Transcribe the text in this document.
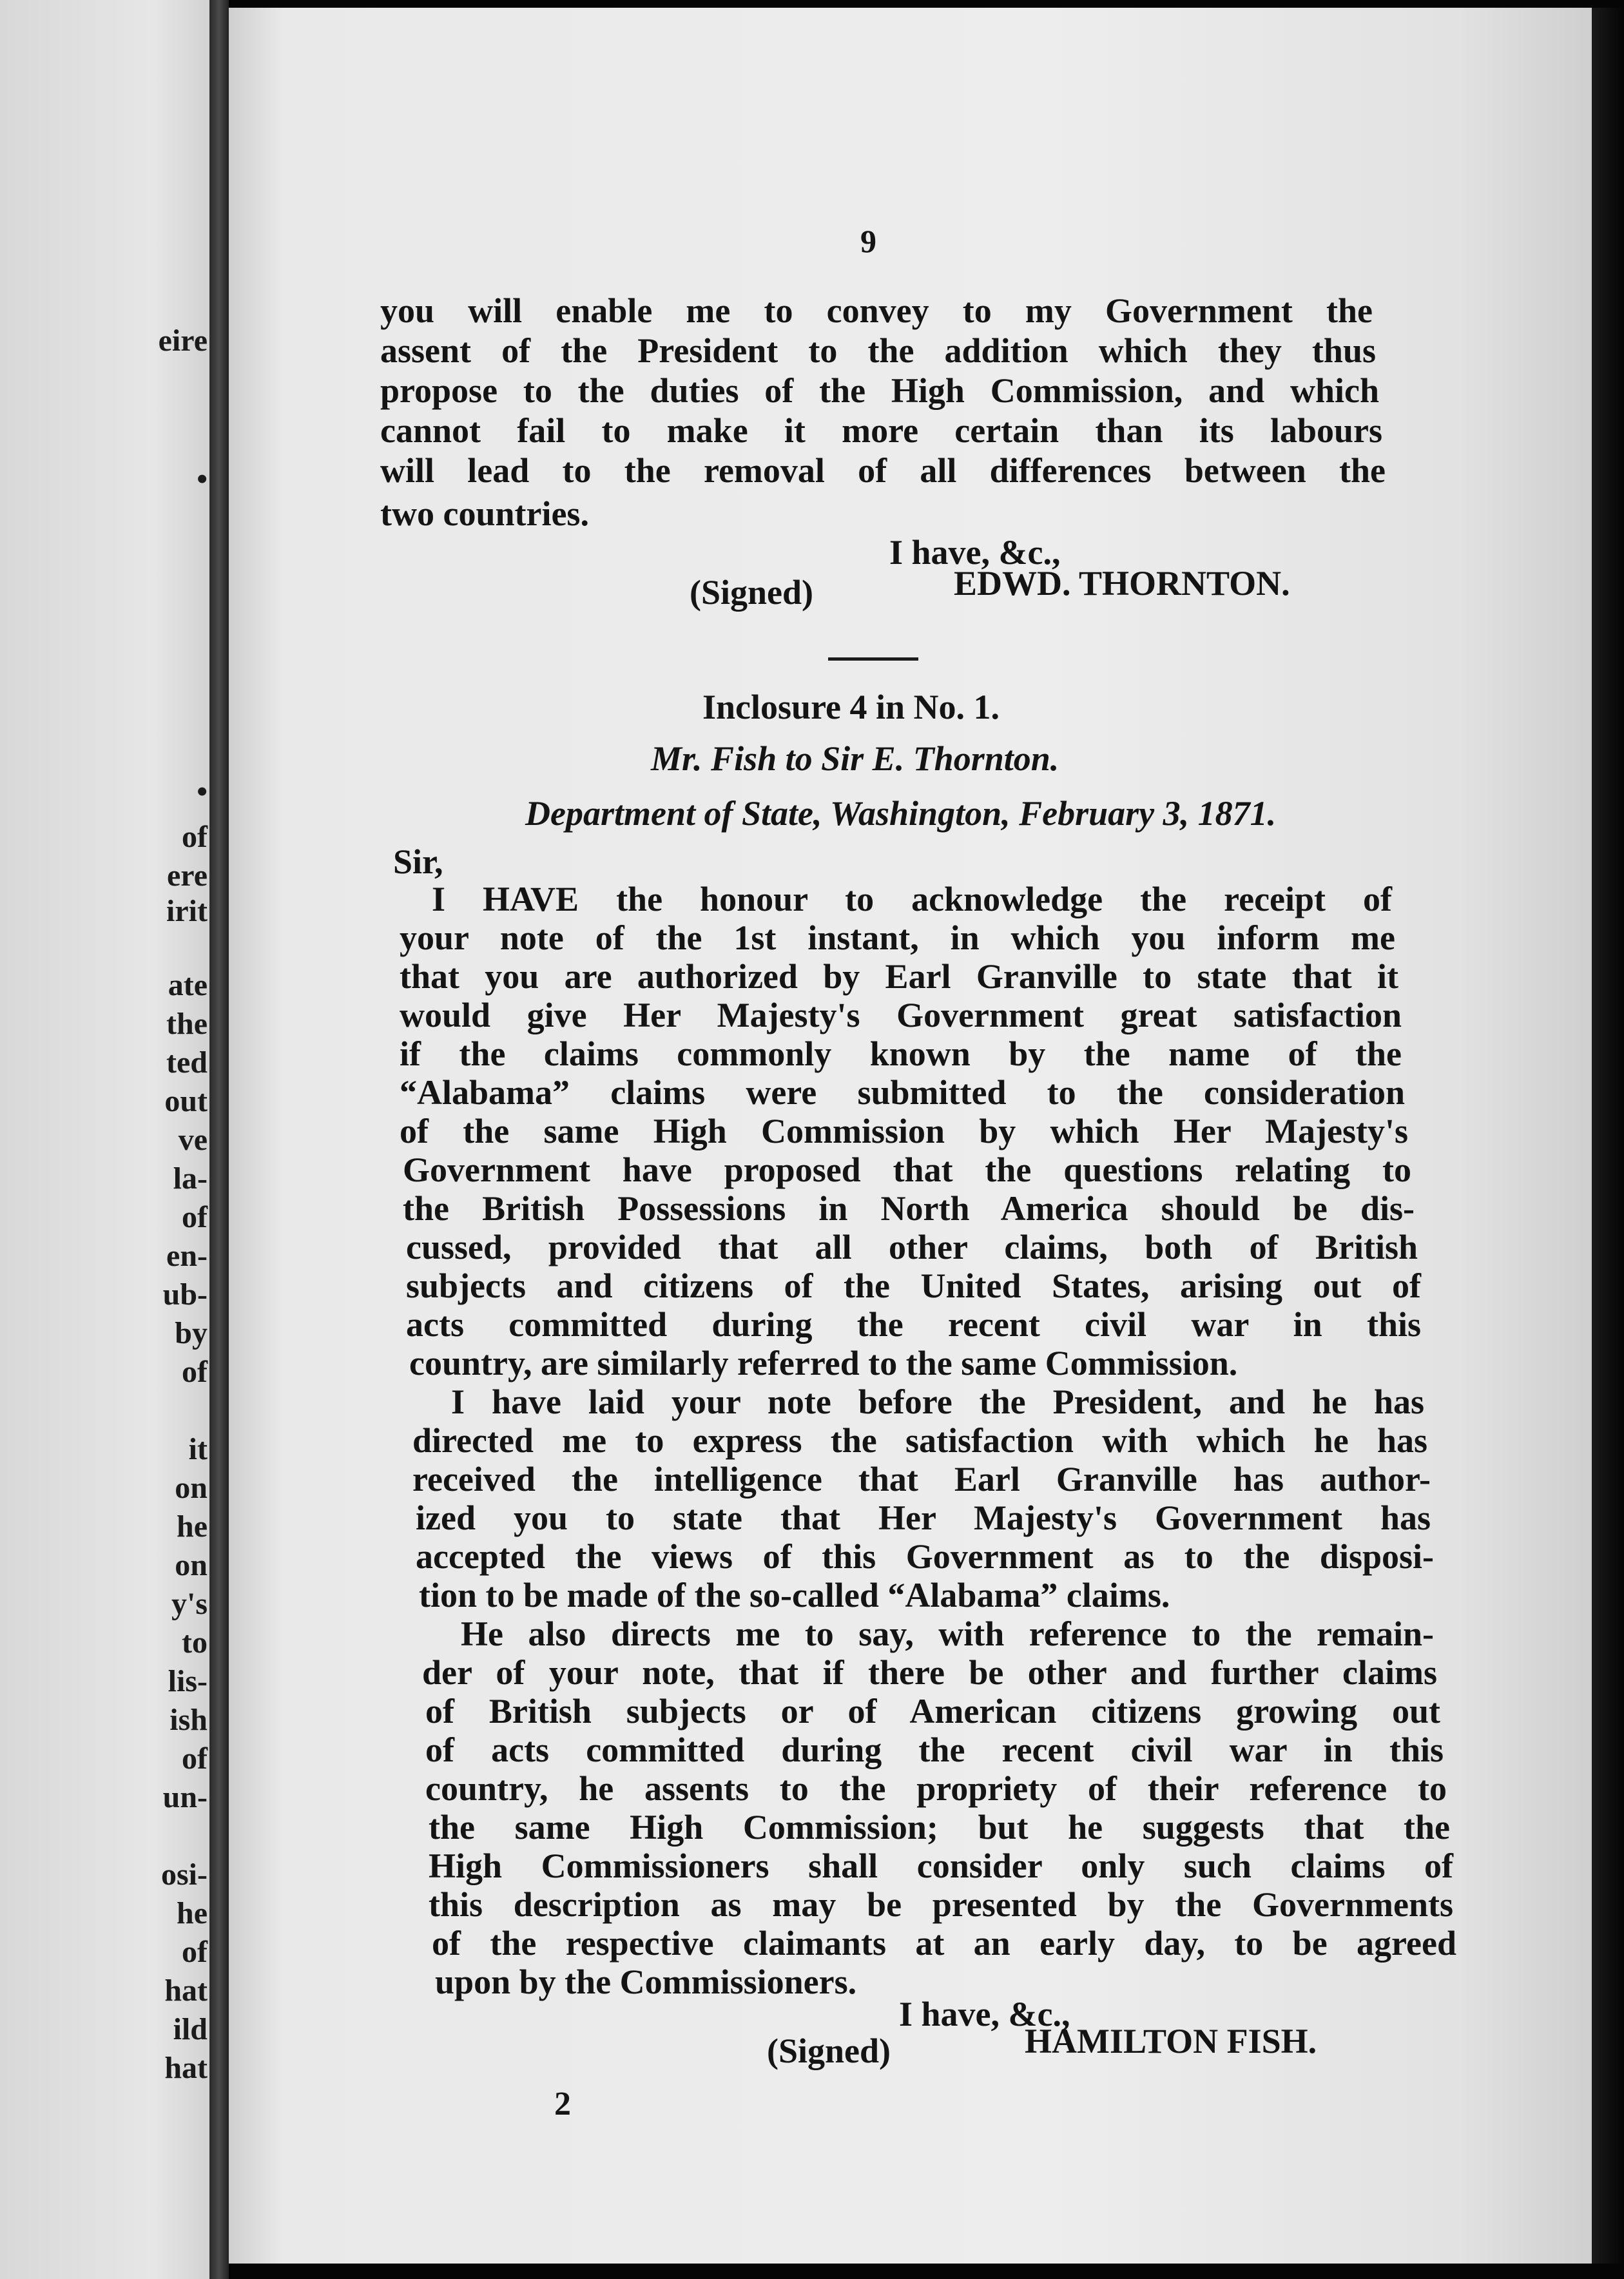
eire
•
•
of
ere
irit
ate
the
ted
out
ve
la-
of
en-
ub-
by
of
it
on
he
on
y's
to
lis-
ish
of
un-
osi-
he
of
hat
ild
hat
9
you will enable me to convey to my Government the
assent of the President to the addition which they thus
propose to the duties of the High Commission, and which
cannot fail to make it more certain than its labours
will lead to the removal of all differences between the
two countries.
I have, &c.,
(Signed)	EDWD. THORNTON.
Inclosure 4 in No. 1.
Mr. Fish to Sir E. Thornton.
Department of State, Washington, February 3, 1871.
Sir,
I HAVE the honour to acknowledge the receipt of
your note of the 1st instant, in which you inform me
that you are authorized by Earl Granville to state that it
would give Her Majesty's Government great satisfaction
if the claims commonly known by the name of the
“Alabama” claims were submitted to the consideration
of the same High Commission by which Her Majesty's
Government have proposed that the questions relating to
the British Possessions in North America should be dis-
cussed, provided that all other claims, both of British
subjects and citizens of the United States, arising out of
acts committed during the recent civil war in this
country, are similarly referred to the same Commission.
I have laid your note before the President, and he has
directed me to express the satisfaction with which he has
received the intelligence that Earl Granville has author-
ized you to state that Her Majesty's Government has
accepted the views of this Government as to the disposi-
tion to be made of the so-called “Alabama” claims.
He also directs me to say, with reference to the remain-
der of your note, that if there be other and further claims
of British subjects or of American citizens growing out
of acts committed during the recent civil war in this
country, he assents to the propriety of their reference to
the same High Commission; but he suggests that the
High Commissioners shall consider only such claims of
this description as may be presented by the Governments
of the respective claimants at an early day, to be agreed
upon by the Commissioners.
I have, &c.,
(Signed)	HAMILTON FISH.
2
